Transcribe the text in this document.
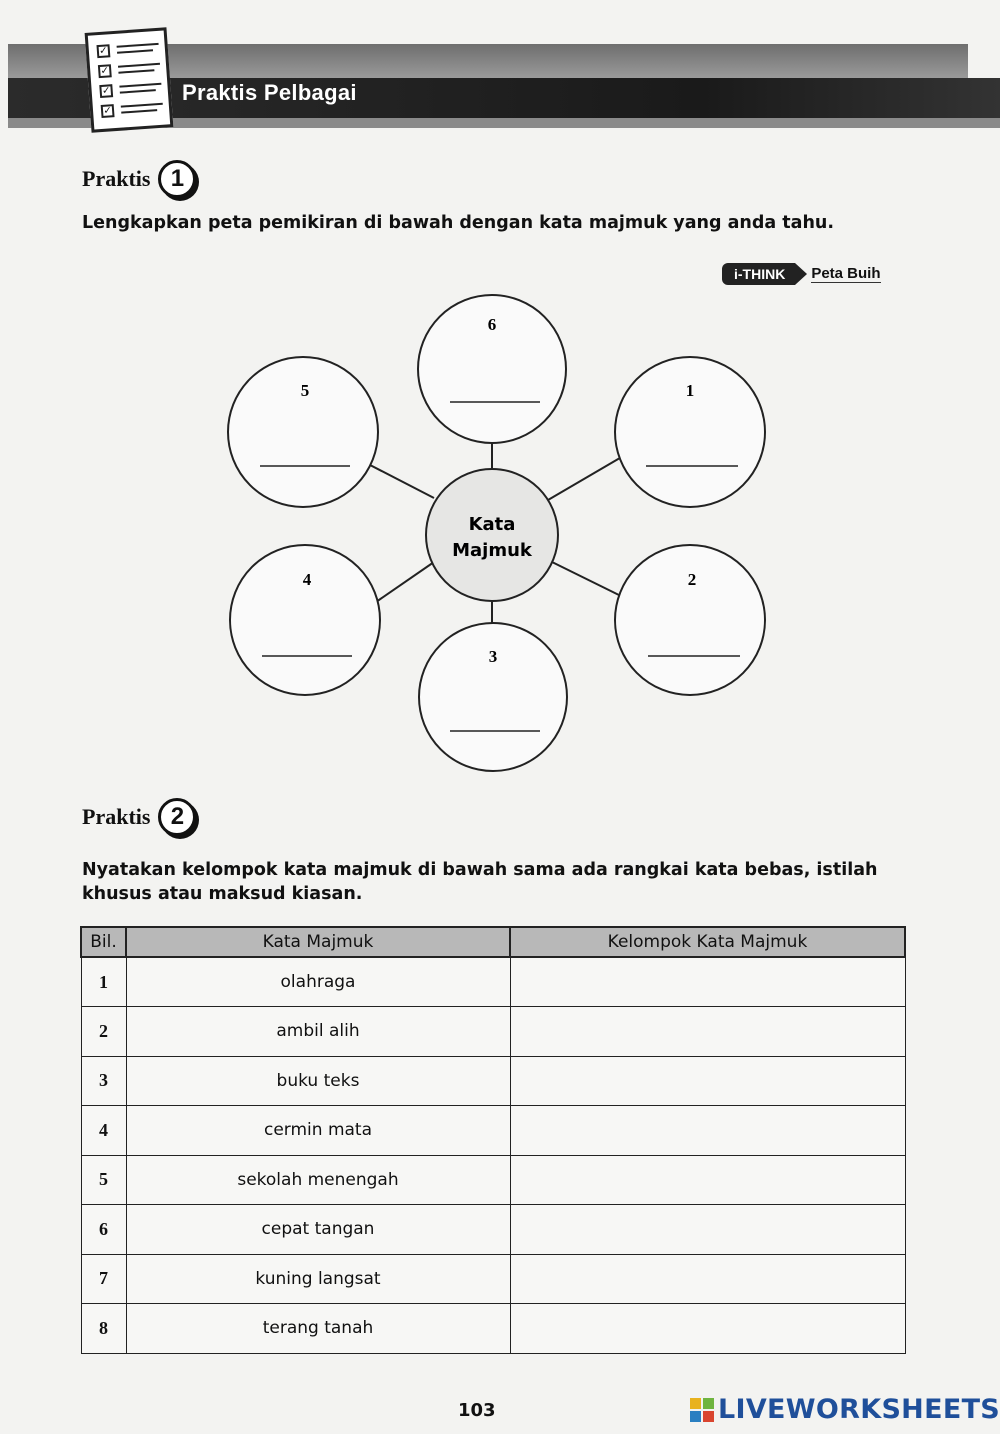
✓
✓
✓
✓
Praktis Pelbagai
Praktis 1
Lengkapkan peta pemikiran di bawah dengan kata majmuk yang anda tahu.
i-THINK	Peta Buih
Kata
Majmuk
6
1
2
3
4
5
Praktis 2
Nyatakan kelompok kata majmuk di bawah sama ada rangkai kata bebas, istilah khusus atau maksud kiasan.
Bil.	Kata Majmuk	Kelompok Kata Majmuk
1	olahraga	
2	ambil alih	
3	buku teks	
4	cermin mata	
5	sekolah menengah	
6	cepat tangan	
7	kuning langsat	
8	terang tanah	
103	LIVEWORKSHEETS
